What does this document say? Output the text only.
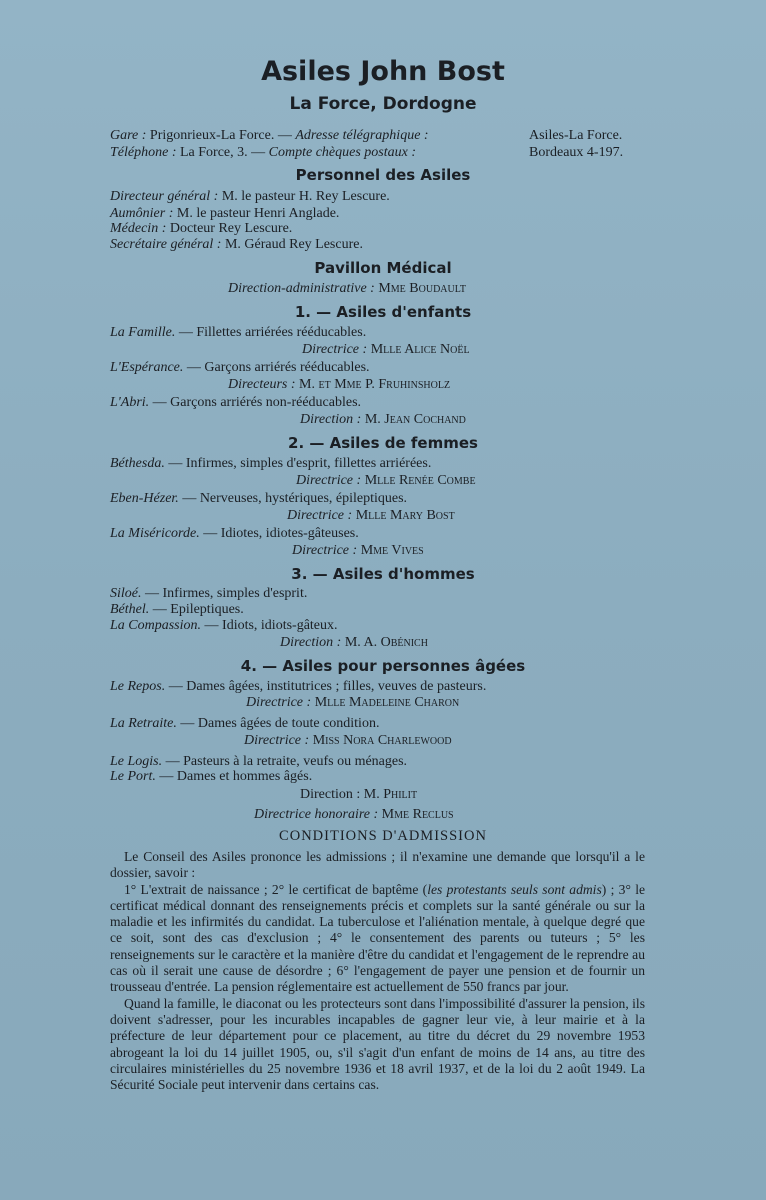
Asiles John Bost
La Force, Dordogne
Gare : Prigonrieux-La Force. — Adresse télégraphique :	Asiles-La Force.
Téléphone : La Force, 3. — Compte chèques postaux :	Bordeaux 4-197.
Personnel des Asiles
Directeur général : M. le pasteur H. Rey Lescure.
Aumônier : M. le pasteur Henri Anglade.
Médecin : Docteur Rey Lescure.
Secrétaire général : M. Géraud Rey Lescure.
Pavillon Médical
Direction-administrative : Mme Boudault
1. — Asiles d'enfants
La Famille. — Fillettes arriérées rééducables.
Directrice : Mlle Alice Noël
L'Espérance. — Garçons arriérés rééducables.
Directeurs : M. et Mme P. Fruhinsholz
L'Abri. — Garçons arriérés non-rééducables.
Direction : M. Jean Cochand
2. — Asiles de femmes
Béthesda. — Infirmes, simples d'esprit, fillettes arriérées.
Directrice : Mlle Renée Combe
Eben-Hézer. — Nerveuses, hystériques, épileptiques.
Directrice : Mlle Mary Bost
La Miséricorde. — Idiotes, idiotes-gâteuses.
Directrice : Mme Vives
3. — Asiles d'hommes
Siloé. — Infirmes, simples d'esprit.
Béthel. — Epileptiques.
La Compassion. — Idiots, idiots-gâteux.
Direction : M. A. Obénich
4. — Asiles pour personnes âgées
Le Repos. — Dames âgées, institutrices ; filles, veuves de pasteurs.
Directrice : Mlle Madeleine Charon
La Retraite. — Dames âgées de toute condition.
Directrice : Miss Nora Charlewood
Le Logis. — Pasteurs à la retraite, veufs ou ménages.
Le Port. — Dames et hommes âgés.
Direction : M. Philit
Directrice honoraire : Mme Reclus
CONDITIONS D'ADMISSION

Le Conseil des Asiles prononce les admissions ; il n'examine une demande que lorsqu'il a le dossier, savoir :

1° L'extrait de naissance ; 2° le certificat de baptême (les protestants seuls sont admis) ; 3° le certificat médical donnant des renseignements précis et complets sur la santé générale ou sur la maladie et les infirmités du candidat. La tuberculose et l'aliénation mentale, à quelque degré que ce soit, sont des cas d'exclusion ; 4° le consentement des parents ou tuteurs ; 5° les renseignements sur le caractère et la manière d'être du candidat et l'engagement de le reprendre au cas où il serait une cause de désordre ; 6° l'engagement de payer une pension et de fournir un trousseau d'entrée. La pension réglementaire est actuellement de 550 francs par jour.

Quand la famille, le diaconat ou les protecteurs sont dans l'impossibilité d'assurer la pension, ils doivent s'adresser, pour les incurables incapables de gagner leur vie, à leur mairie et à la préfecture de leur département pour ce placement, au titre du décret du 29 novembre 1953 abrogeant la loi du 14 juillet 1905, ou, s'il s'agit d'un enfant de moins de 14 ans, au titre des circulaires ministérielles du 25 novembre 1936 et 18 avril 1937, et de la loi du 2 août 1949. La Sécurité Sociale peut intervenir dans certains cas.
